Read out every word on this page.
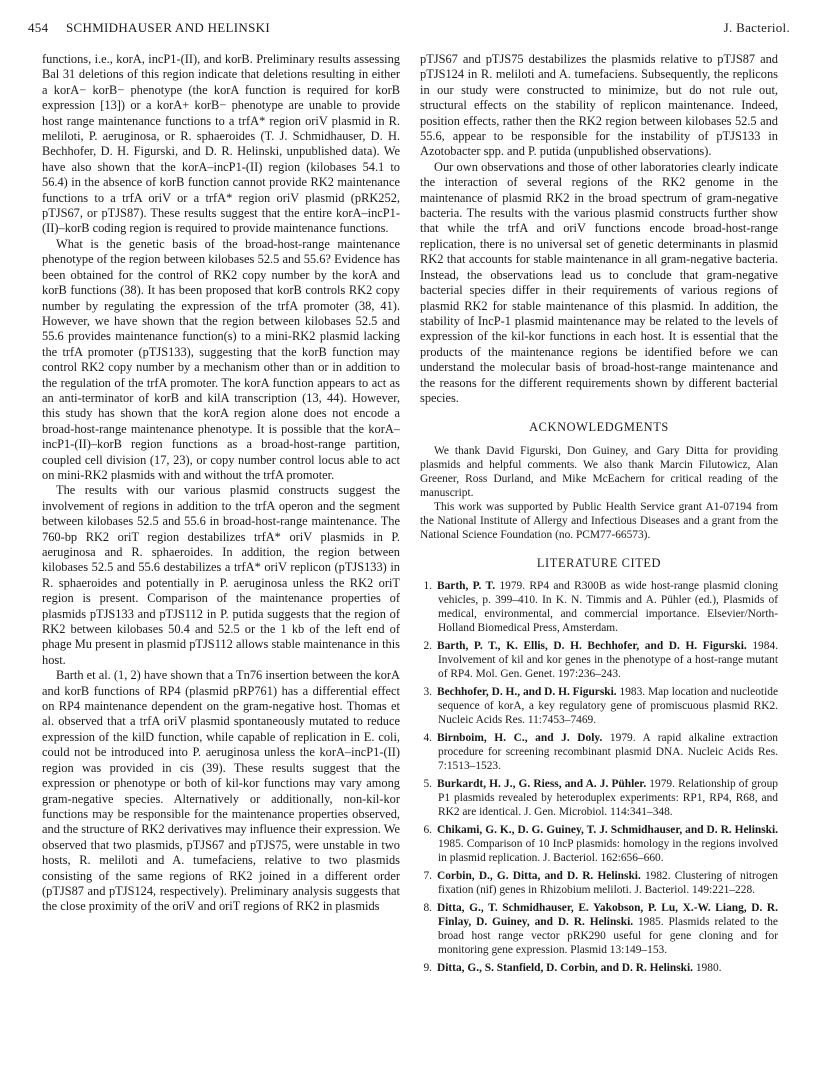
454 SCHMIDHAUSER AND HELINSKI	J. Bacteriol.

functions, i.e., korA, incP1-(II), and korB. Preliminary results assessing Bal 31 deletions of this region indicate that deletions resulting in either a korA− korB− phenotype (the korA function is required for korB expression [13]) or a korA+ korB− phenotype are unable to provide host range maintenance functions to a trfA* region oriV plasmid in R. meliloti, P. aeruginosa, or R. sphaeroides (T. J. Schmidhauser, D. H. Bechhofer, D. H. Figurski, and D. R. Helinski, unpublished data). We have also shown that the korA–incP1-(II) region (kilobases 54.1 to 56.4) in the absence of korB function cannot provide RK2 maintenance functions to a trfA oriV or a trfA* region oriV plasmid (pRK252, pTJS67, or pTJS87). These results suggest that the entire korA–incP1-(II)–korB coding region is required to provide maintenance functions.

What is the genetic basis of the broad-host-range maintenance phenotype of the region between kilobases 52.5 and 55.6? Evidence has been obtained for the control of RK2 copy number by the korA and korB functions (38). It has been proposed that korB controls RK2 copy number by regulating the expression of the trfA promoter (38, 41). However, we have shown that the region between kilobases 52.5 and 55.6 provides maintenance function(s) to a mini-RK2 plasmid lacking the trfA promoter (pTJS133), suggesting that the korB function may control RK2 copy number by a mechanism other than or in addition to the regulation of the trfA promoter. The korA function appears to act as an anti-terminator of korB and kilA transcription (13, 44). However, this study has shown that the korA region alone does not encode a broad-host-range maintenance phenotype. It is possible that the korA–incP1-(II)–korB region functions as a broad-host-range partition, coupled cell division (17, 23), or copy number control locus able to act on mini-RK2 plasmids with and without the trfA promoter.

The results with our various plasmid constructs suggest the involvement of regions in addition to the trfA operon and the segment between kilobases 52.5 and 55.6 in broad-host-range maintenance. The 760-bp RK2 oriT region destabilizes trfA* oriV plasmids in P. aeruginosa and R. sphaeroides. In addition, the region between kilobases 52.5 and 55.6 destabilizes a trfA* oriV replicon (pTJS133) in R. sphaeroides and potentially in P. aeruginosa unless the RK2 oriT region is present. Comparison of the maintenance properties of plasmids pTJS133 and pTJS112 in P. putida suggests that the region of RK2 between kilobases 50.4 and 52.5 or the 1 kb of the left end of phage Mu present in plasmid pTJS112 allows stable maintenance in this host.

Barth et al. (1, 2) have shown that a Tn76 insertion between the korA and korB functions of RP4 (plasmid pRP761) has a differential effect on RP4 maintenance dependent on the gram-negative host. Thomas et al. observed that a trfA oriV plasmid spontaneously mutated to reduce expression of the kilD function, while capable of replication in E. coli, could not be introduced into P. aeruginosa unless the korA–incP1-(II) region was provided in cis (39). These results suggest that the expression or phenotype or both of kil-kor functions may vary among gram-negative species. Alternatively or additionally, non-kil-kor functions may be responsible for the maintenance properties observed, and the structure of RK2 derivatives may influence their expression. We observed that two plasmids, pTJS67 and pTJS75, were unstable in two hosts, R. meliloti and A. tumefaciens, relative to two plasmids consisting of the same regions of RK2 joined in a different order (pTJS87 and pTJS124, respectively). Preliminary analysis suggests that the close proximity of the oriV and oriT regions of RK2 in plasmids

pTJS67 and pTJS75 destabilizes the plasmids relative to pTJS87 and pTJS124 in R. meliloti and A. tumefaciens. Subsequently, the replicons in our study were constructed to minimize, but do not rule out, structural effects on the stability of replicon maintenance. Indeed, position effects, rather then the RK2 region between kilobases 52.5 and 55.6, appear to be responsible for the instability of pTJS133 in Azotobacter spp. and P. putida (unpublished observations).

Our own observations and those of other laboratories clearly indicate the interaction of several regions of the RK2 genome in the maintenance of plasmid RK2 in the broad spectrum of gram-negative bacteria. The results with the various plasmid constructs further show that while the trfA and oriV functions encode broad-host-range replication, there is no universal set of genetic determinants in plasmid RK2 that accounts for stable maintenance in all gram-negative bacteria. Instead, the observations lead us to conclude that gram-negative bacterial species differ in their requirements of various regions of plasmid RK2 for stable maintenance of this plasmid. In addition, the stability of IncP-1 plasmid maintenance may be related to the levels of expression of the kil-kor functions in each host. It is essential that the products of the maintenance regions be identified before we can understand the molecular basis of broad-host-range maintenance and the reasons for the different requirements shown by different bacterial species.

ACKNOWLEDGMENTS

We thank David Figurski, Don Guiney, and Gary Ditta for providing plasmids and helpful comments. We also thank Marcin Filutowicz, Alan Greener, Ross Durland, and Mike McEachern for critical reading of the manuscript.

This work was supported by Public Health Service grant A1-07194 from the National Institute of Allergy and Infectious Diseases and a grant from the National Science Foundation (no. PCM77-66573).

LITERATURE CITED
1. Barth, P. T. 1979. RP4 and R300B as wide host-range plasmid cloning vehicles, p. 399–410. In K. N. Timmis and A. Pühler (ed.), Plasmids of medical, environmental, and commercial importance. Elsevier/North-Holland Biomedical Press, Amsterdam.
2. Barth, P. T., K. Ellis, D. H. Bechhofer, and D. H. Figurski. 1984. Involvement of kil and kor genes in the phenotype of a host-range mutant of RP4. Mol. Gen. Genet. 197:236–243.
3. Bechhofer, D. H., and D. H. Figurski. 1983. Map location and nucleotide sequence of korA, a key regulatory gene of promiscuous plasmid RK2. Nucleic Acids Res. 11:7453–7469.
4. Birnboim, H. C., and J. Doly. 1979. A rapid alkaline extraction procedure for screening recombinant plasmid DNA. Nucleic Acids Res. 7:1513–1523.
5. Burkardt, H. J., G. Riess, and A. J. Pühler. 1979. Relationship of group P1 plasmids revealed by heteroduplex experiments: RP1, RP4, R68, and RK2 are identical. J. Gen. Microbiol. 114:341–348.
6. Chikami, G. K., D. G. Guiney, T. J. Schmidhauser, and D. R. Helinski. 1985. Comparison of 10 IncP plasmids: homology in the regions involved in plasmid replication. J. Bacteriol. 162:656–660.
7. Corbin, D., G. Ditta, and D. R. Helinski. 1982. Clustering of nitrogen fixation (nif) genes in Rhizobium meliloti. J. Bacteriol. 149:221–228.
8. Ditta, G., T. Schmidhauser, E. Yakobson, P. Lu, X.-W. Liang, D. R. Finlay, D. Guiney, and D. R. Helinski. 1985. Plasmids related to the broad host range vector pRK290 useful for gene cloning and for monitoring gene expression. Plasmid 13:149–153.
9. Ditta, G., S. Stanfield, D. Corbin, and D. R. Helinski. 1980.
